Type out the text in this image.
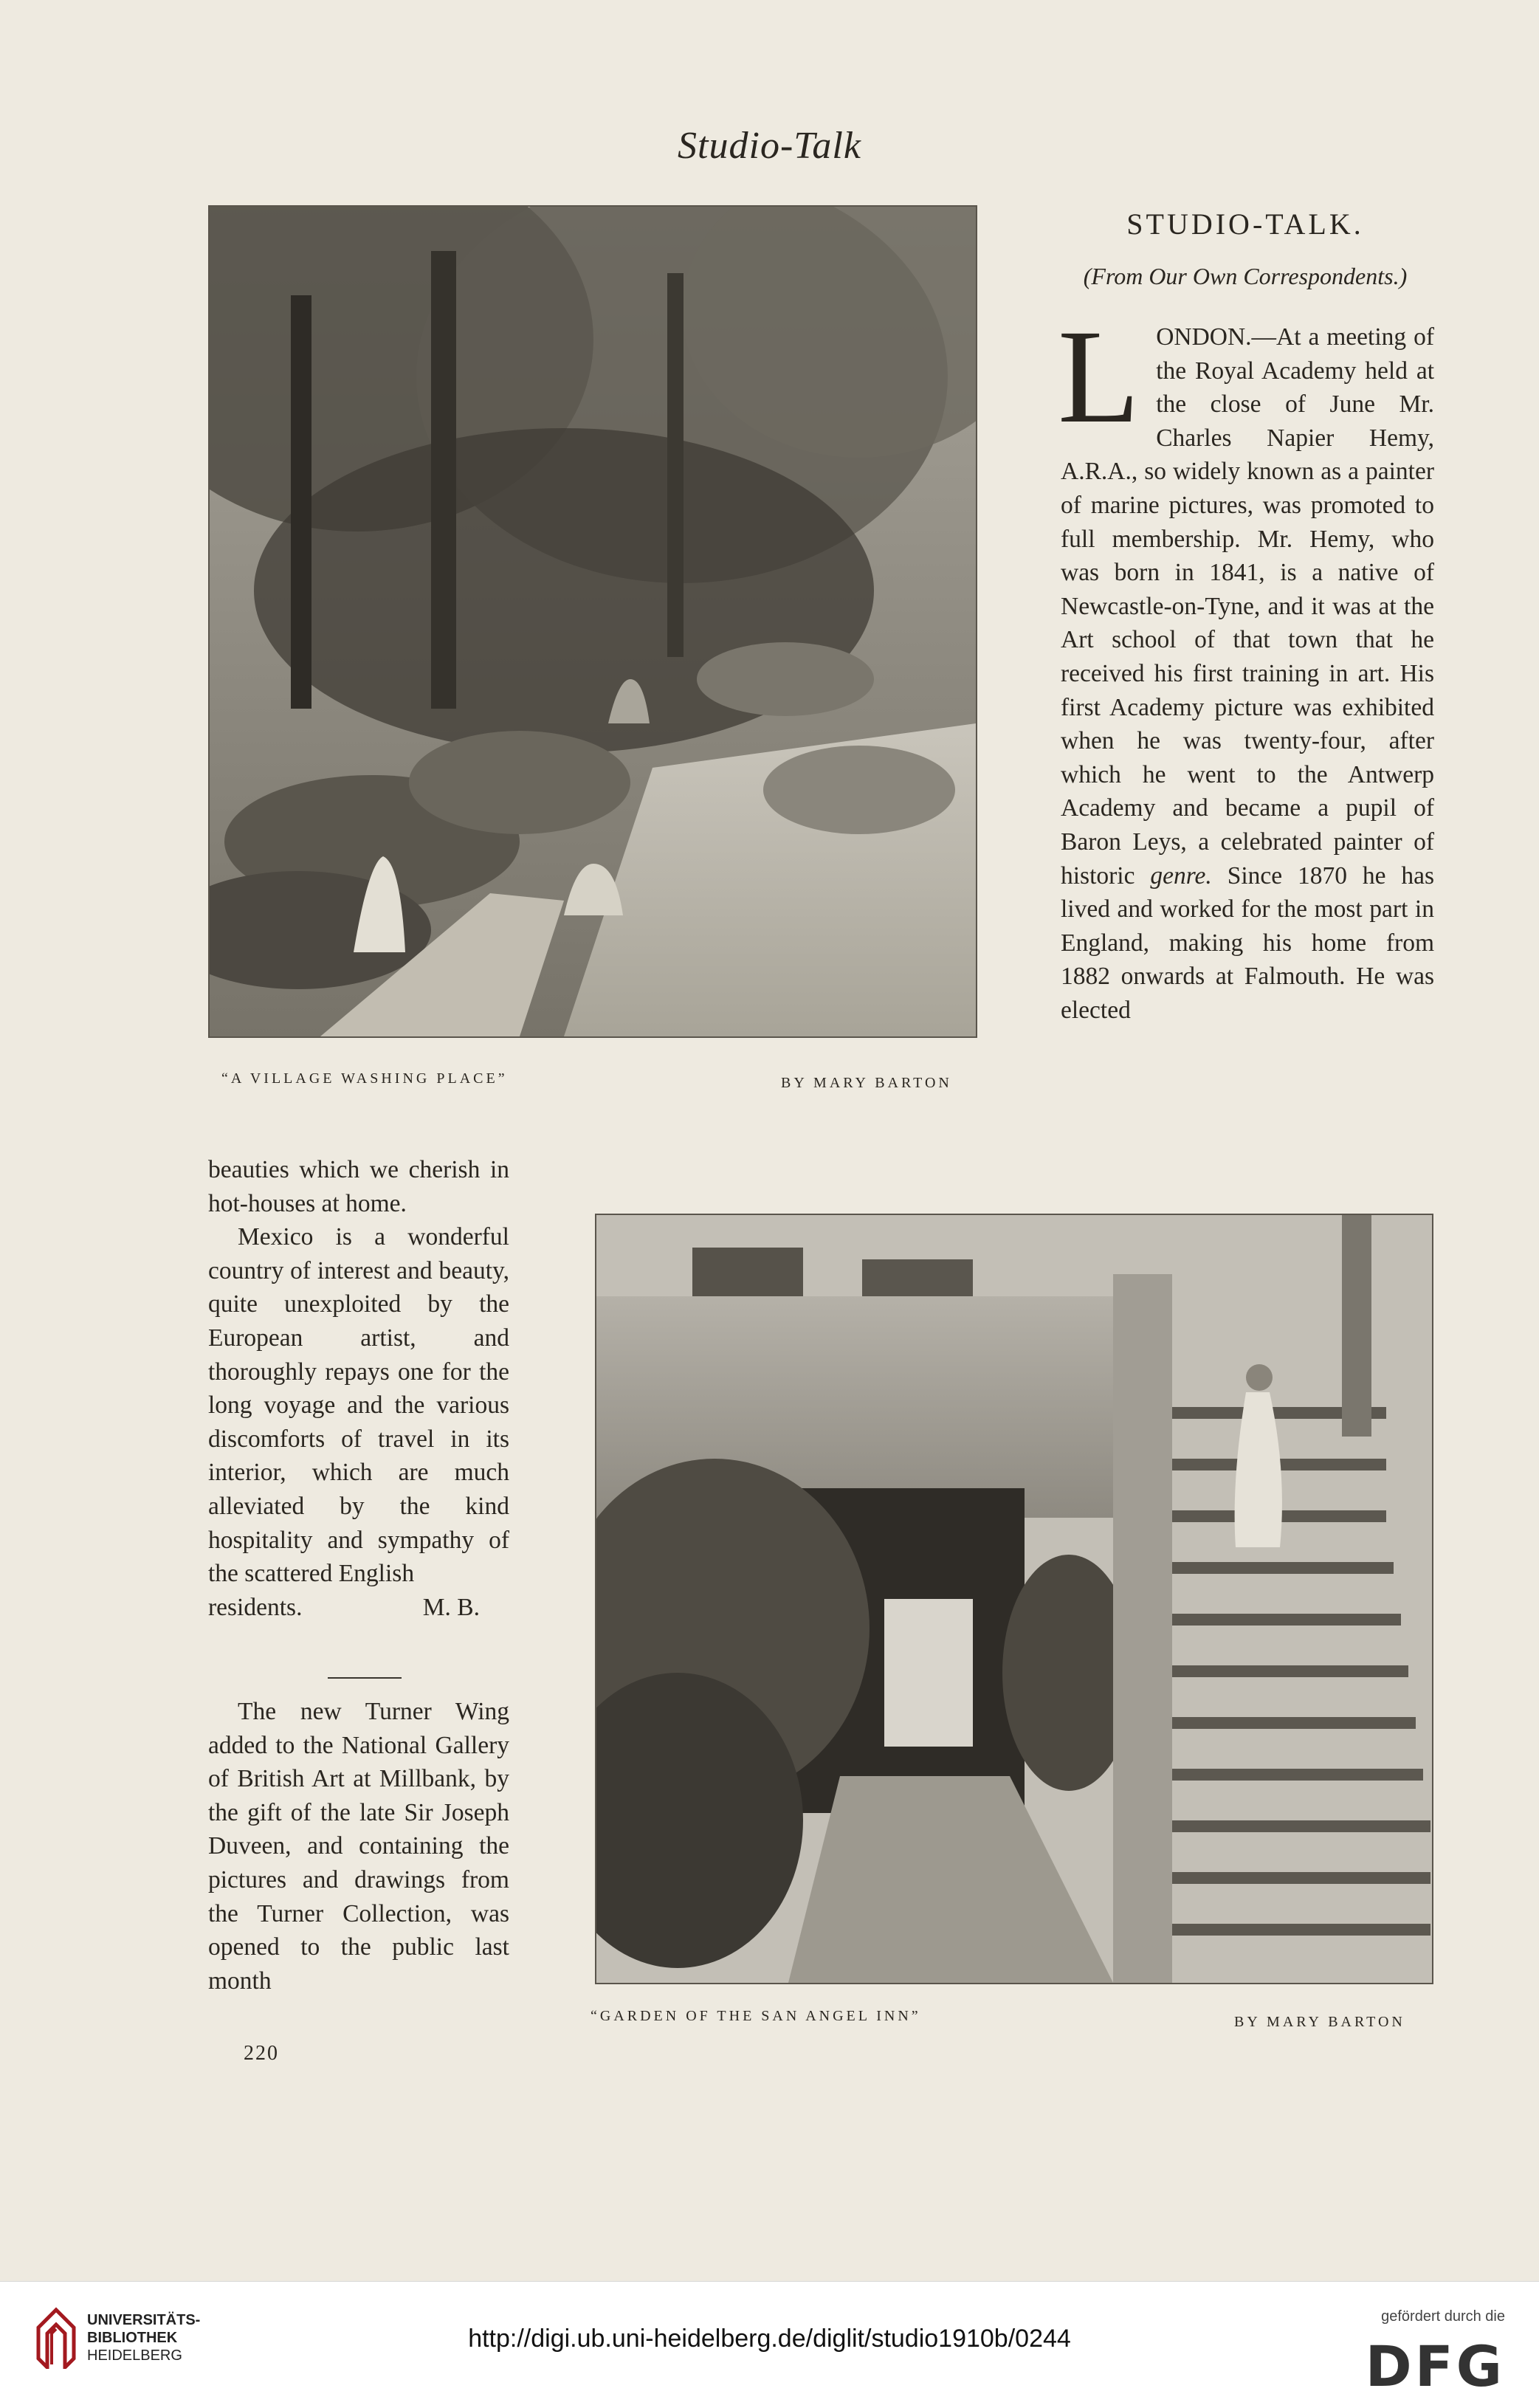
Studio-Talk
“A VILLAGE WASHING PLACE”	BY MARY BARTON
STUDIO-TALK.
(From Our Own Correspondents.)

LONDON.—At a meeting of the Royal Academy held at the close of June Mr. Charles Napier Hemy, A.R.A., so widely known as a painter of marine pictures, was promoted to full membership. Mr. Hemy, who was born in 1841, is a native of Newcastle-on-Tyne, and it was at the Art school of that town that he received his first training in art. His first Academy picture was exhibited when he was twenty-four, after which he went to the Antwerp Academy and became a pupil of Baron Leys, a celebrated painter of historic genre. Since 1870 he has lived and worked for the most part in England, making his home from 1882 onwards at Falmouth. He was elected

beauties which we cherish in hot-houses at home.

Mexico is a wonderful country of interest and beauty, quite unexploited by the European artist, and thoroughly repays one for the long voyage and the various discomforts of travel in its interior, which are much alleviated by the kind hospitality and sympathy of the scattered English

residents.	M. B.

The new Turner Wing added to the National Gallery of British Art at Millbank, by the gift of the late Sir Joseph Duveen, and containing the pictures and drawings from the Turner Collection, was opened to the public last month

“GARDEN OF THE SAN ANGEL INN”	BY MARY BARTON
220
UNIVERSITÄTS-
BIBLIOTHEK
HEIDELBERG
http://digi.ub.uni-heidelberg.de/diglit/studio1910b/0244
gefördert durch die
DFG
